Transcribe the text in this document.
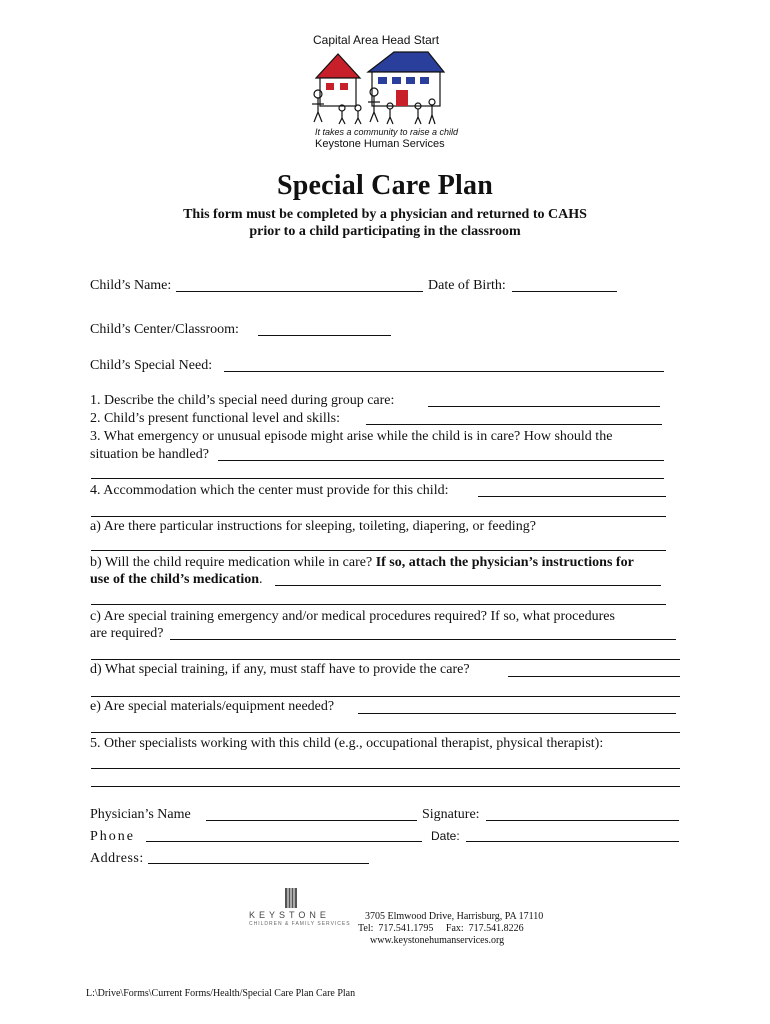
Capital Area Head Start
It takes a community to raise a child
Keystone Human Services
Special Care Plan
This form must be completed by a physician and returned to CAHS
prior to a child participating in the classroom
Child’s Name:	Date of Birth:
Child’s Center/Classroom:
Child’s Special Need:
1. Describe the child’s special need during group care:
2. Child’s present functional level and skills:
3. What emergency or unusual episode might arise while the child is in care? How should the
situation be handled?
4. Accommodation which the center must provide for this child:
a) Are there particular instructions for sleeping, toileting, diapering, or feeding?
b) Will the child require medication while in care? If so, attach the physician’s instructions for
use of the child’s medication.
c) Are special training emergency and/or medical procedures required? If so, what procedures
are required?
d) What special training, if any, must staff have to provide the care?
e) Are special materials/equipment needed?
5. Other specialists working with this child (e.g., occupational therapist, physical therapist):
Physician’s Name	Signature:
Phone	Date:
Address:
KEYSTONE
CHILDREN & FAMILY SERVICES
3705 Elmwood Drive, Harrisburg, PA 17110
Tel:  717.541.1795     Fax:  717.541.8226
www.keystonehumanservices.org
L:\Drive\Forms\Current Forms/Health/Special Care Plan Care Plan
